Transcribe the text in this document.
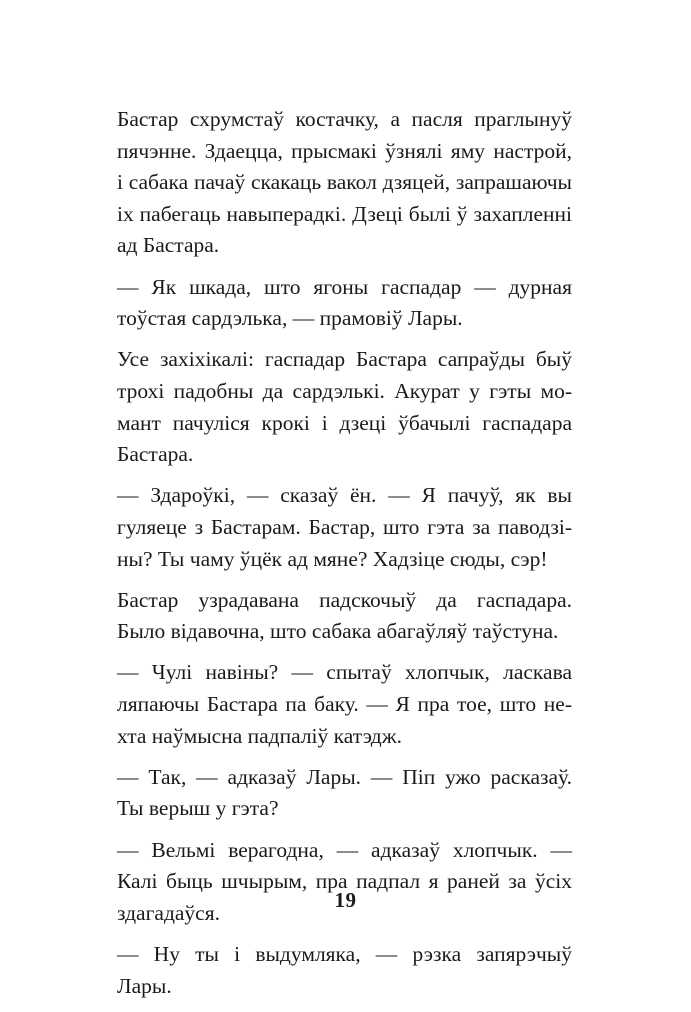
Бастар схрумстаў костачку, а пасля праглынуў
пячэнне. Здаецца, прысмакі ўзнялі яму настрой,
і сабака пачаў скакаць вакол дзяцей, запрашаючы
іх пабегаць навыперадкі. Дзеці былі ў захапленні
ад Бастара.
— Як шкада, што ягоны гаспадар — дурная
тоўстая сардэлька, — прамовіў Лары.
Усе захіхікалі: гаспадар Бастара сапраўды быў
трохі падобны да сардэлькі. Акурат у гэты мо-
мант пачуліся крокі і дзеці ўбачылі гаспадара
Бастара.
— Здароўкі, — сказаў ён. — Я пачуў, як вы
гуляеце з Бастарам. Бастар, што гэта за паводзі-
ны? Ты чаму ўцёк ад мяне? Хадзіце сюды, сэр!
Бастар узрадавана падскочыў да гаспадара.
Было відавочна, што сабака абагаўляў таўстуна.
— Чулі навіны? — спытаў хлопчык, ласкава
ляпаючы Бастара па баку. — Я пра тое, што не-
хта наўмысна падпаліў катэдж.
— Так, — адказаў Лары. — Піп ужо расказаў.
Ты верыш у гэта?
— Вельмі верагодна, — адказаў хлопчык. —
Калі быць шчырым, пра падпал я раней за ўсіх
здагадаўся.
— Ну ты і выдумляка, — рэзка запярэчыў
Лары.
19
